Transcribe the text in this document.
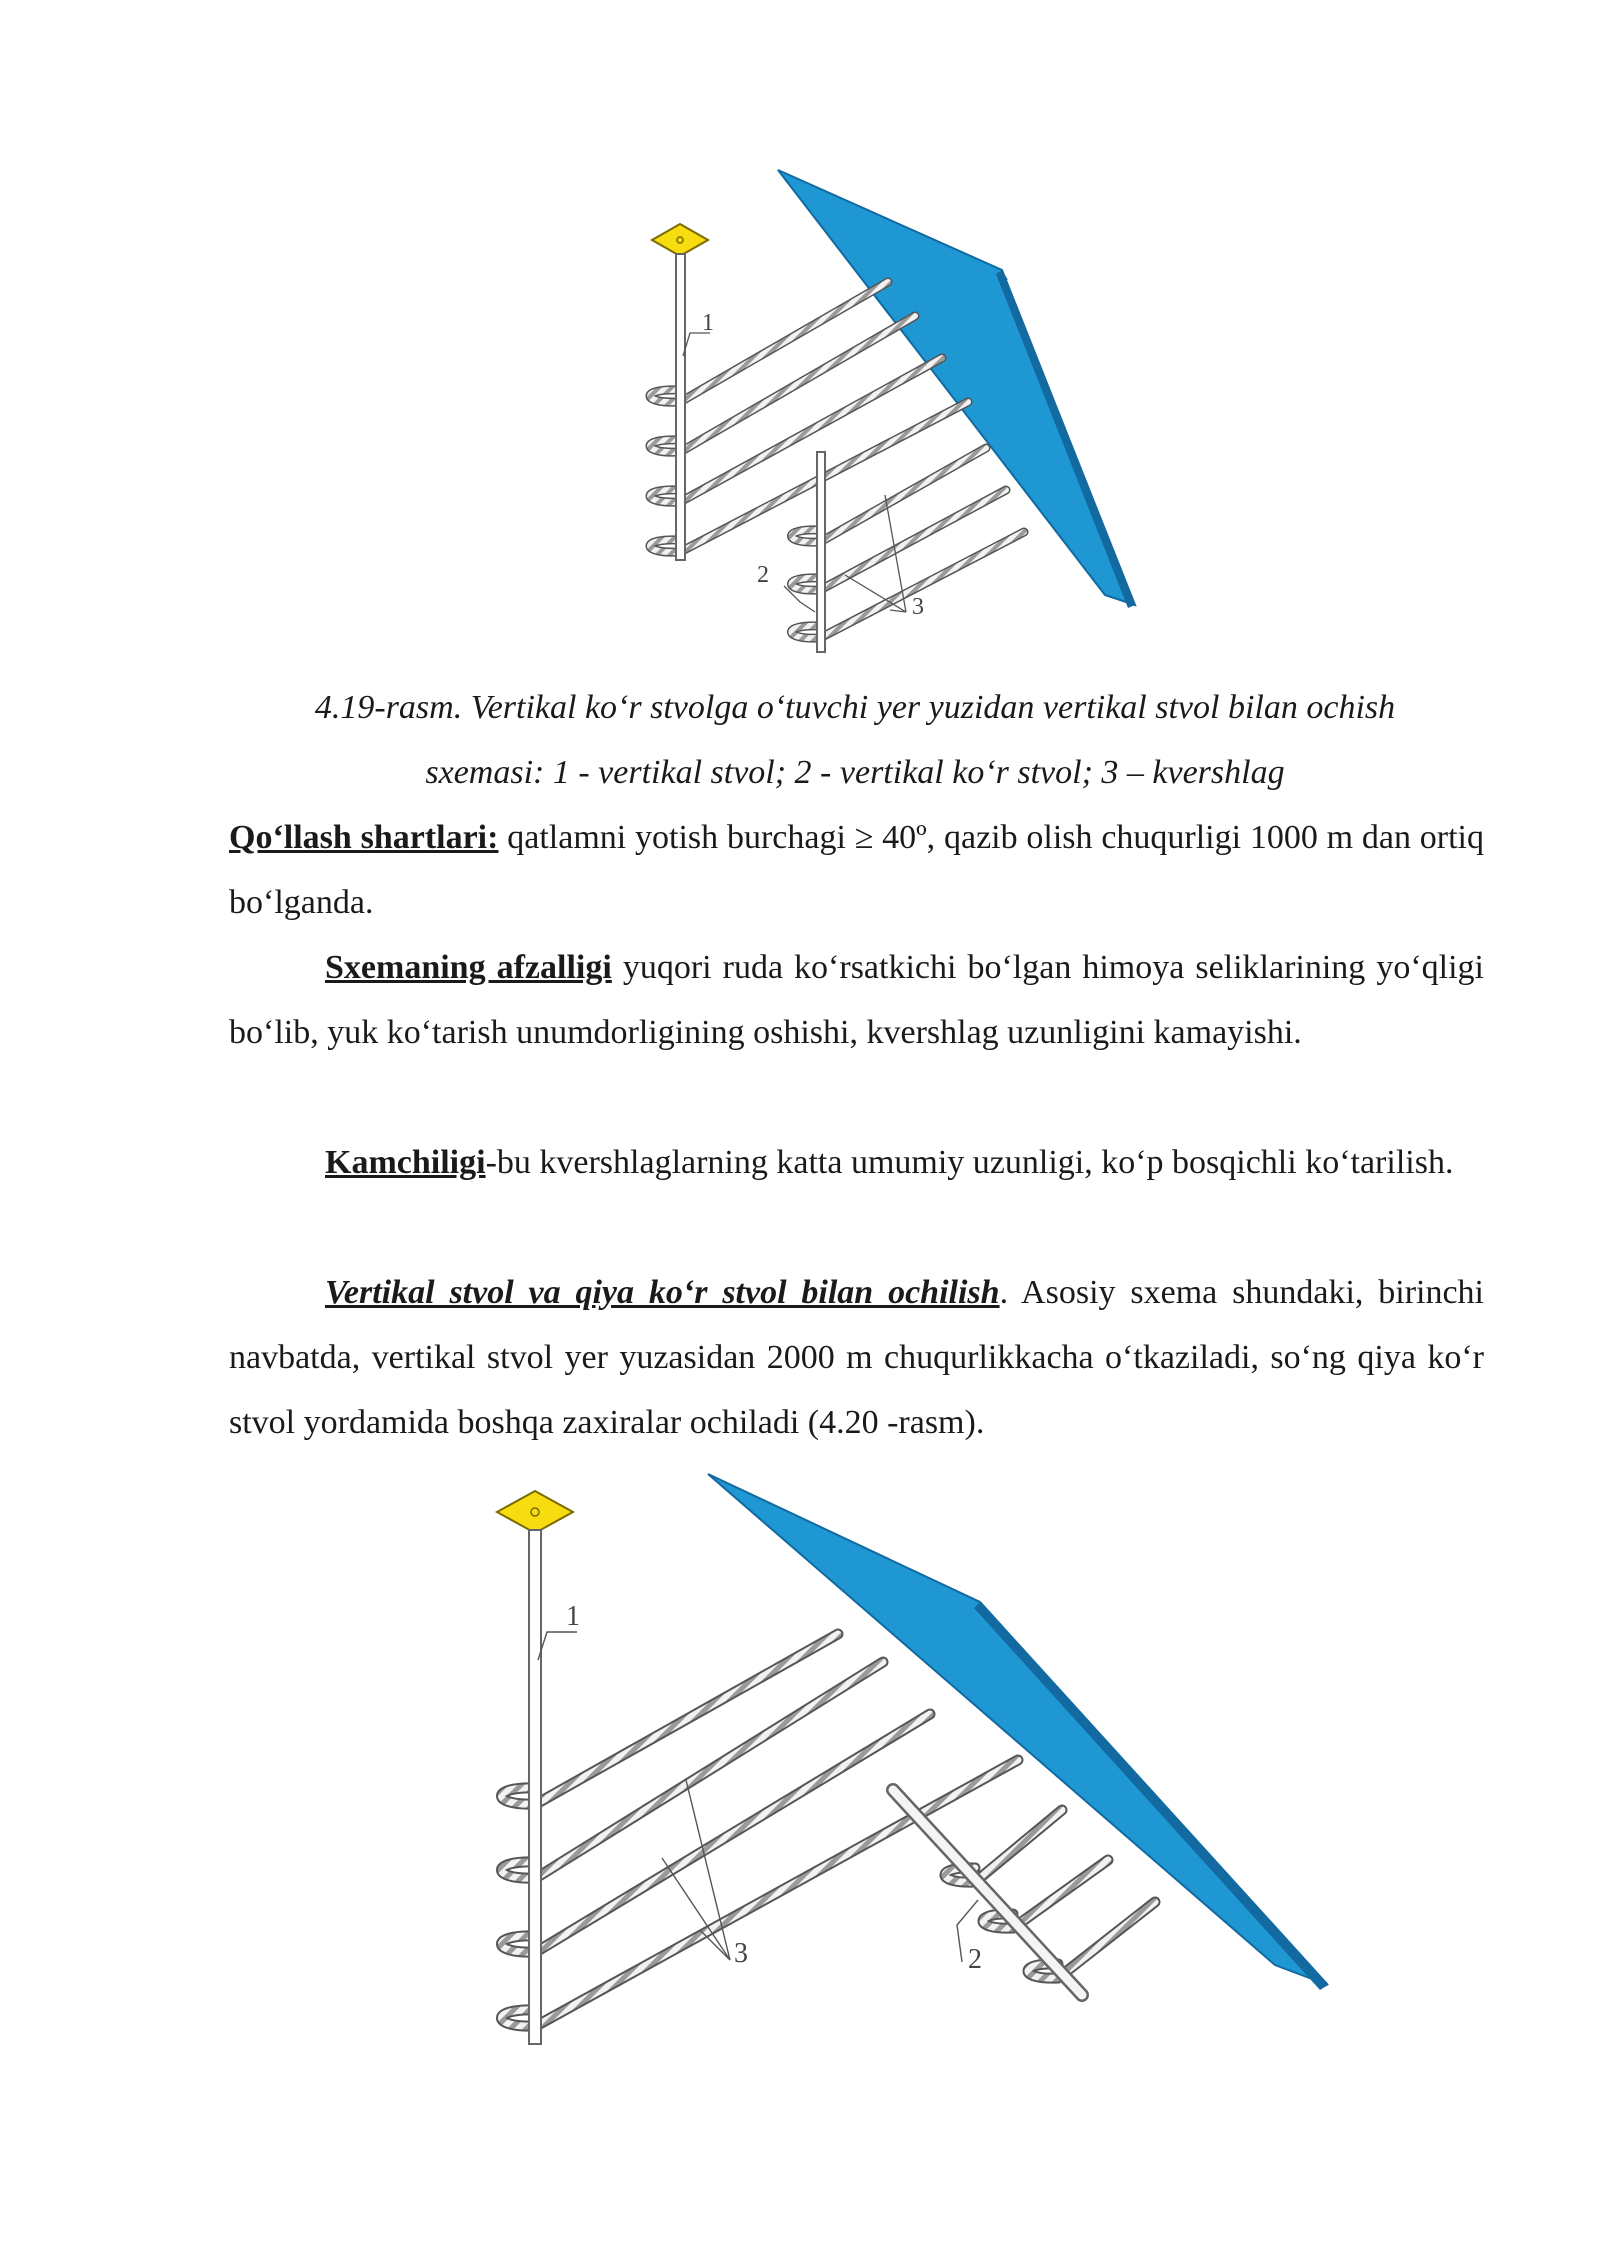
1
2
3
4.19-rasm. Vertikal ko‘r stvolga o‘tuvchi yer yuzidan vertikal stvol bilan ochish
sxemasi: 1 - vertikal stvol; 2 - vertikal ko‘r stvol; 3 – kvershlag
Qo‘llash shartlari: qatlamni yotish burchagi ≥ 40º, qazib olish chuqurligi 1000 m dan ortiq bo‘lganda.
Sxemaning afzalligi yuqori ruda ko‘rsatkichi bo‘lgan himoya seliklarining yo‘qligi bo‘lib, yuk ko‘tarish unumdorligining oshishi, kvershlag uzunligini kamayishi.
Kamchiligi-bu kvershlaglarning katta umumiy uzunligi, ko‘p bosqichli ko‘tarilish.
Vertikal stvol va qiya ko‘r stvol bilan ochilish. Asosiy sxema shundaki, birinchi navbatda, vertikal stvol yer yuzasidan 2000 m chuqurlikkacha o‘tkaziladi, so‘ng qiya ko‘r stvol yordamida boshqa zaxiralar ochiladi (4.20 -rasm).
1
3	2
